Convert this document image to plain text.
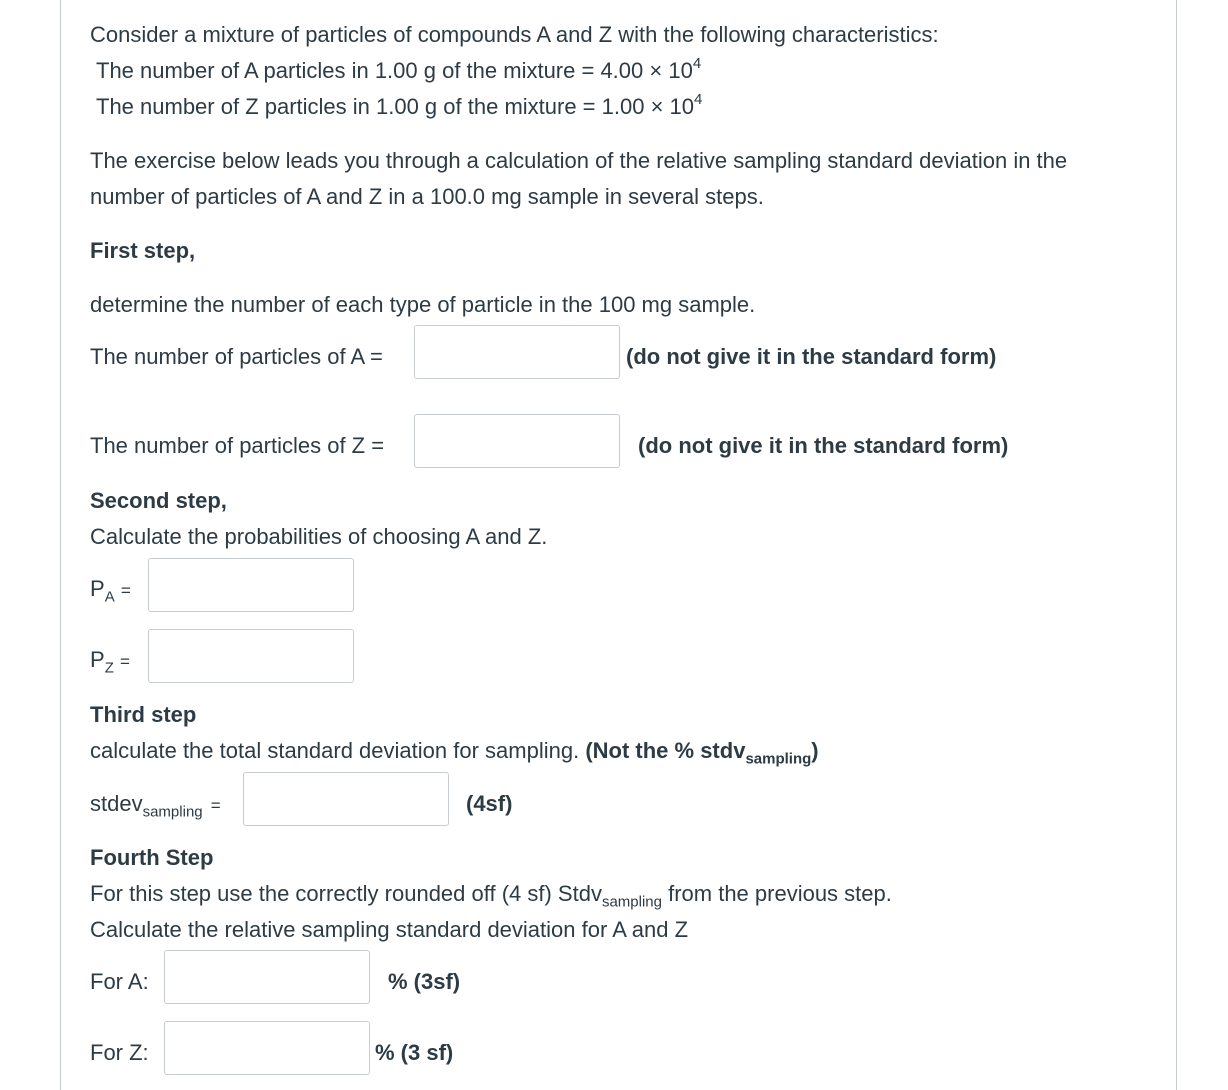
Consider a mixture of particles of compounds A and Z with the following characteristics:
The number of A particles in 1.00 g of the mixture = $4.00 \times 10^4$
The number of Z particles in 1.00 g of the mixture = $1.00 \times 10^4$
The exercise below leads you through a calculation of the relative sampling standard deviation in the
number of particles of A and Z in a 100.0 mg sample in several steps.
First step,
determine the number of each type of particle in the 100 mg sample.
The number of particles of A =	(do not give it in the standard form)
The number of particles of Z =	(do not give it in the standard form)
Second step,
Calculate the probabilities of choosing A and Z.
$P_A$ =
$P_Z$ =
Third step
calculate the total standard deviation for sampling. (Not the % stdv$_{sampling}$)
stdev$_{sampling}$ =	(4sf)
Fourth Step
For this step use the correctly rounded off (4 sf) Stdv$_{sampling}$ from the previous step.
Calculate the relative sampling standard deviation for A and Z
For A:	% (3sf)
For Z:	% (3 sf)
